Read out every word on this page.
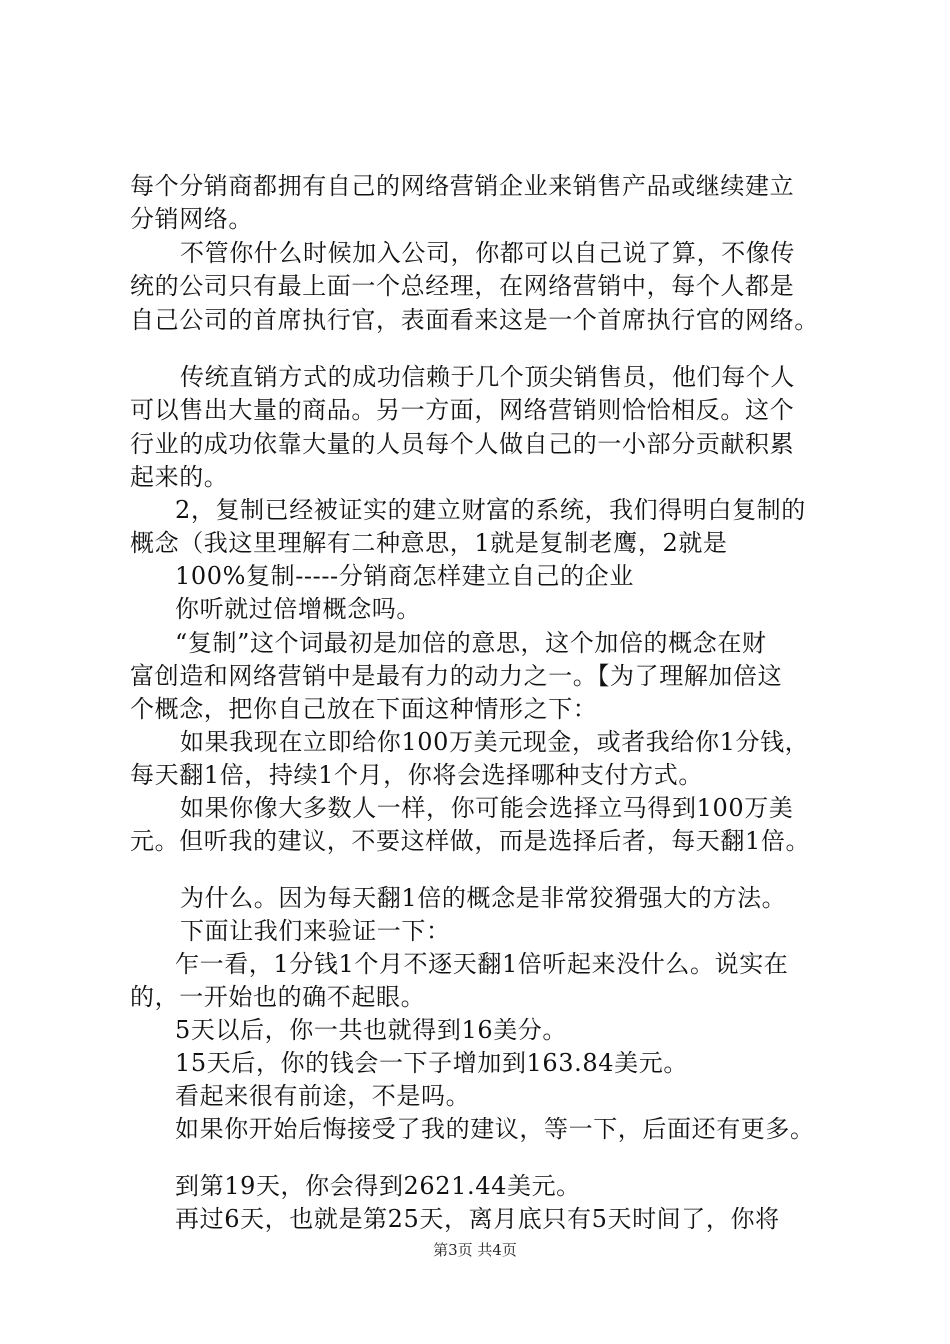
每个分销商都拥有自己的网络营销企业来销售产品或继续建立
分销网络。
不管你什么时候加入公司，你都可以自己说了算，不像传
统的公司只有最上面一个总经理，在网络营销中，每个人都是
自己公司的首席执行官，表面看来这是一个首席执行官的网络。
传统直销方式的成功信赖于几个顶尖销售员，他们每个人
可以售出大量的商品。另一方面，网络营销则恰恰相反。这个
行业的成功依靠大量的人员每个人做自己的一小部分贡献积累
起来的。
2，复制已经被证实的建立财富的系统，我们得明白复制的
概念（我这里理解有二种意思，1就是复制老鹰，2就是
100%复制-----分销商怎样建立自己的企业
你听就过倍增概念吗。
“复制”这个词最初是加倍的意思，这个加倍的概念在财
富创造和网络营销中是最有力的动力之一。【为了理解加倍这
个概念，把你自己放在下面这种情形之下：
如果我现在立即给你100万美元现金，或者我给你1分钱，
每天翻1倍，持续1个月，你将会选择哪种支付方式。
如果你像大多数人一样，你可能会选择立马得到100万美
元。但听我的建议，不要这样做，而是选择后者，每天翻1倍。
为什么。因为每天翻1倍的概念是非常狡猾强大的方法。
下面让我们来验证一下：
乍一看，1分钱1个月不逐天翻1倍听起来没什么。说实在
的，一开始也的确不起眼。
5天以后，你一共也就得到16美分。
15天后，你的钱会一下子增加到163.84美元。
看起来很有前途，不是吗。
如果你开始后悔接受了我的建议，等一下，后面还有更多。
到第19天，你会得到2621.44美元。
再过6天，也就是第25天，离月底只有5天时间了，你将
第3页 共4页
